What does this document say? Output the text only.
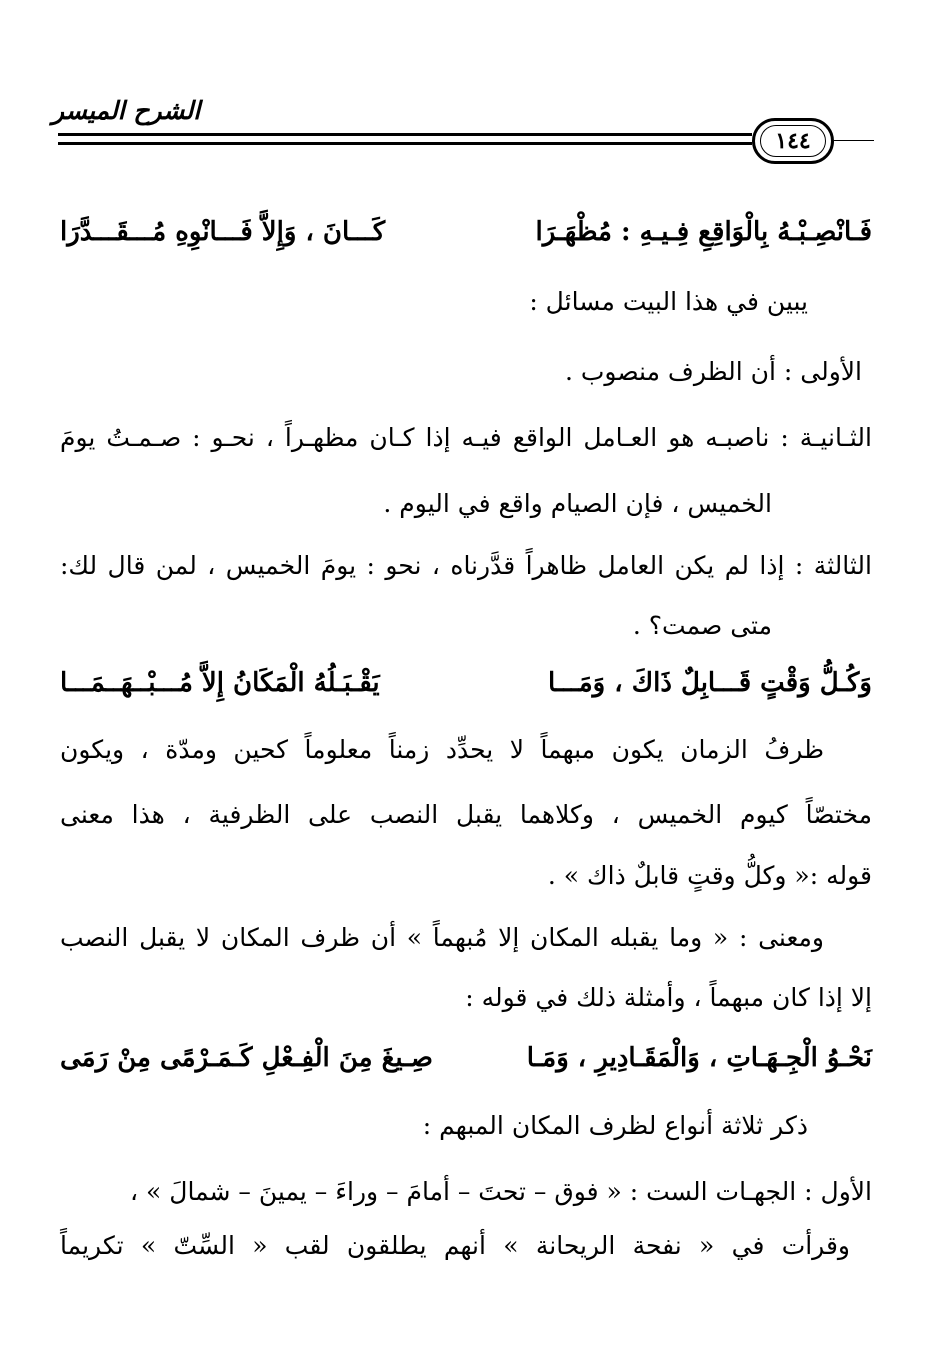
الشرح الميسر
١٤٤
فَـانْصِـبْـهُ بِالْوَاقِعِ فِـيـهِ : مُظْهَـرَا
كَـــانَ ، وَإِلاَّ فَـــانْوِهِ مُـــقَـــدَّرَا
يبين في هذا البيت مسائل :
الأولى : أن الظرف منصوب .
الثـانيـة : ناصبـه هو العـامل الواقع فيـه إذا كـان مظهـراً ، نحـو : صـمـتُ يومَ
الخميس ، فإن الصيام واقع في اليوم .
الثالثة : إذا لم يكن العامل ظاهراً قدَّرناه ، نحو : يومَ الخميس ، لمن قال لك:
متى صمت؟ .
وَكُـلُّ وَقْتٍ قَـــابِلٌ ذَاكَ ، وَمَـــا
يَقْـبَـلُهُ الْمَكَانُ إِلاَّ مُـــبْــهَــمَـــا
ظرفُ الزمان يكون مبهماً لا يحدِّد زمناً معلوماً كحين ومدّة ، ويكون
مختصّاً كيوم الخميس ، وكلاهما يقبل النصب على الظرفية ، هذا معنى
قوله :« وكلُّ وقتٍ قابلٌ ذاك » .
ومعنى : « وما يقبله المكان إلا مُبهماً » أن ظرف المكان لا يقبل النصب
إلا إذا كان مبهماً ، وأمثلة ذلك في قوله :
نَحْـوُ الْجِـهَـاتِ ، وَالْمَقَـادِيرِ ، وَمَـا
صِـيغَ مِنَ الْفِـعْلِ كَـمَـرْمًى مِنْ رَمَى
ذكر ثلاثة أنواع لظرف المكان المبهم :
الأول : الجهـات الست : « فوق – تحتَ – أمامَ – وراءَ – يمينَ – شمالَ » ،
وقرأت في « نفحة الريحانة » أنهم يطلقون لقب « السِّتّ » تكريماً
